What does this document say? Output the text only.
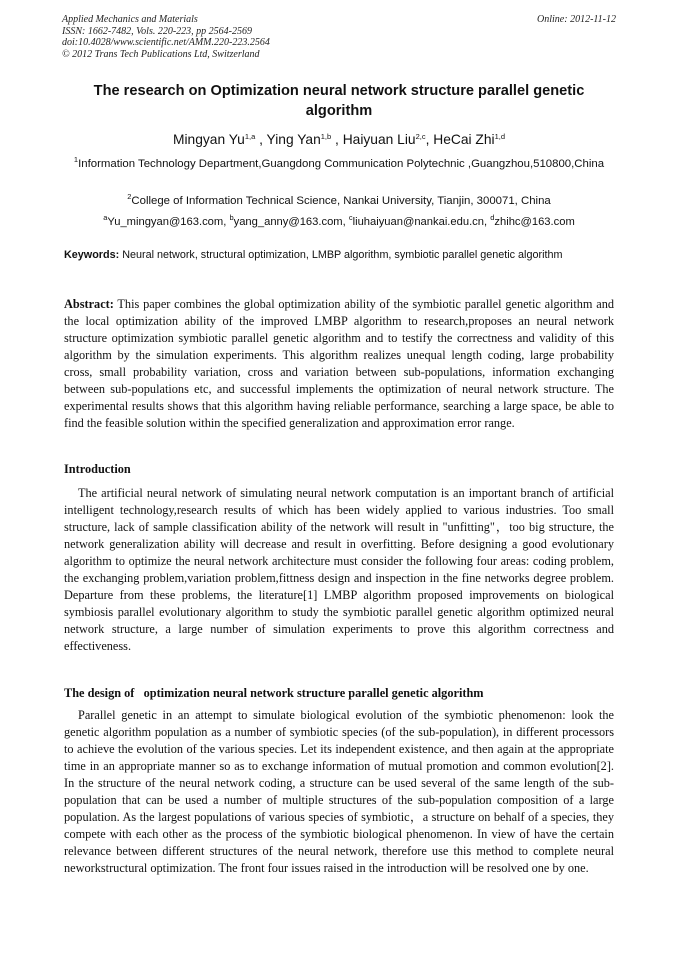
Applied Mechanics and Materials
ISSN: 1662-7482, Vols. 220-223, pp 2564-2569
doi:10.4028/www.scientific.net/AMM.220-223.2564
© 2012 Trans Tech Publications Ltd, Switzerland
Online: 2012-11-12
The research on Optimization neural network structure parallel genetic algorithm
Mingyan Yu$^{1,a}$ , Ying Yan$^{1,b}$ , Haiyuan Liu$^{2,c}$, HeCai Zhi$^{1,d}$
$^1$Information Technology Department,Guangdong Communication Polytechnic ,Guangzhou,510800,China
$^2$College of Information Technical Science, Nankai University, Tianjin, 300071, China
$^a$Yu_mingyan@163.com, $^b$yang_anny@163.com, $^c$liuhaiyuan@nankai.edu.cn, $^d$zhihc@163.com
Keywords: Neural network, structural optimization, LMBP algorithm, symbiotic parallel genetic algorithm
Abstract: This paper combines the global optimization ability of the symbiotic parallel genetic algorithm and the local optimization ability of the improved LMBP algorithm to research,proposes an neural network structure optimization symbiotic parallel genetic algorithm and to testify the correctness and validity of this algorithm by the simulation experiments. This algorithm realizes unequal length coding, large probability cross, small probability variation, cross and variation between sub-populations, information exchanging between sub-populations etc, and successful implements the optimization of neural network structure. The experimental results shows that this algorithm having reliable performance, searching a large space, be able to find the feasible solution within the specified generalization and approximation error range.
Introduction
The artificial neural network of simulating neural network computation is an important branch of artificial intelligent technology,research results of which has been widely applied to various industries. Too small structure, lack of sample classification ability of the network will result in "unfitting"，too big structure, the network generalization ability will decrease and result in overfitting. Before designing a good evolutionary algorithm to optimize the neural network architecture must consider the following four areas: coding problem, the exchanging problem,variation problem,fittness design and inspection in the fine networks degree problem. Departure from these problems, the literature[1] LMBP algorithm proposed improvements on biological symbiosis parallel evolutionary algorithm to study the symbiotic parallel genetic algorithm optimized neural network structure, a large number of simulation experiments to prove this algorithm correctness and effectiveness.
The design of   optimization neural network structure parallel genetic algorithm
Parallel genetic in an attempt to simulate biological evolution of the symbiotic phenomenon: look the genetic algorithm population as a number of symbiotic species (of the sub-population), in different processors to achieve the evolution of the various species. Let its independent existence, and then again at the appropriate time in an appropriate manner so as to exchange information of mutual promotion and common evolution[2]. In the structure of the neural network coding, a structure can be used several of the same length of the sub-population that can be used a number of multiple structures of the sub-population composition of a large population. As the largest populations of various species of symbiotic，a structure on behalf of a species, they compete with each other as the process of the symbiotic biological phenomenon. In view of have the certain relevance between different structures of the neural network, therefore use this method to complete neural neworkstructural optimization. The front four issues raised in the introduction will be resolved one by one.
